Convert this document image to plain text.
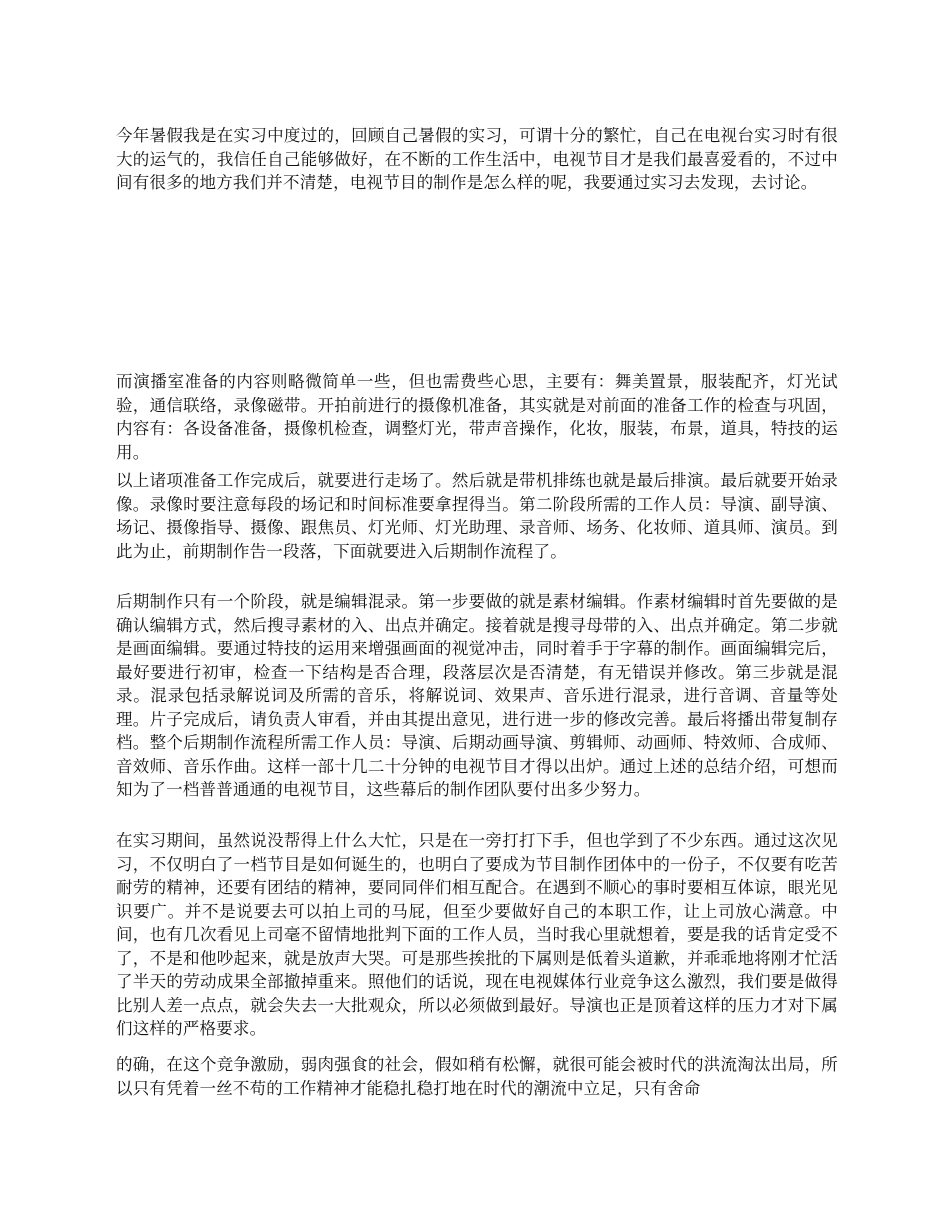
今年暑假我是在实习中度过的，回顾自己暑假的实习，可谓十分的繁忙，自己在电视台实习时有很大的运气的，我信任自己能够做好，在不断的工作生活中，电视节目才是我们最喜爱看的，不过中间有很多的地方我们并不清楚，电视节目的制作是怎么样的呢，我要通过实习去发现，去讨论。

而演播室准备的内容则略微简单一些，但也需费些心思，主要有：舞美置景，服装配齐，灯光试验，通信联络，录像磁带。开拍前进行的摄像机准备，其实就是对前面的准备工作的检查与巩固，内容有：各设备准备，摄像机检查，调整灯光，带声音操作，化妆，服装，布景，道具，特技的运用。

以上诸项准备工作完成后，就要进行走场了。然后就是带机排练也就是最后排演。最后就要开始录像。录像时要注意每段的场记和时间标准要拿捏得当。第二阶段所需的工作人员：导演、副导演、场记、摄像指导、摄像、跟焦员、灯光师、灯光助理、录音师、场务、化妆师、道具师、演员。到此为止，前期制作告一段落，下面就要进入后期制作流程了。

后期制作只有一个阶段，就是编辑混录。第一步要做的就是素材编辑。作素材编辑时首先要做的是确认编辑方式，然后搜寻素材的入、出点并确定。接着就是搜寻母带的入、出点并确定。第二步就是画面编辑。要通过特技的运用来增强画面的视觉冲击，同时着手于字幕的制作。画面编辑完后，最好要进行初审，检查一下结构是否合理，段落层次是否清楚，有无错误并修改。第三步就是混录。混录包括录解说词及所需的音乐，将解说词、效果声、音乐进行混录，进行音调、音量等处理。片子完成后，请负责人审看，并由其提出意见，进行进一步的修改完善。最后将播出带复制存档。整个后期制作流程所需工作人员：导演、后期动画导演、剪辑师、动画师、特效师、合成师、音效师、音乐作曲。这样一部十几二十分钟的电视节目才得以出炉。通过上述的总结介绍，可想而知为了一档普普通通的电视节目，这些幕后的制作团队要付出多少努力。

在实习期间，虽然说没帮得上什么大忙，只是在一旁打打下手，但也学到了不少东西。通过这次见习，不仅明白了一档节目是如何诞生的，也明白了要成为节目制作团体中的一份子，不仅要有吃苦耐劳的精神，还要有团结的精神，要同同伴们相互配合。在遇到不顺心的事时要相互体谅，眼光见识要广。并不是说要去可以拍上司的马屁，但至少要做好自己的本职工作，让上司放心满意。中间，也有几次看见上司毫不留情地批判下面的工作人员，当时我心里就想着，要是我的话肯定受不了，不是和他吵起来，就是放声大哭。可是那些挨批的下属则是低着头道歉，并乖乖地将刚才忙活了半天的劳动成果全部撤掉重来。照他们的话说，现在电视媒体行业竞争这么激烈，我们要是做得比别人差一点点，就会失去一大批观众，所以必须做到最好。导演也正是顶着这样的压力才对下属们这样的严格要求。

的确，在这个竞争激励，弱肉强食的社会，假如稍有松懈，就很可能会被时代的洪流淘汰出局，所以只有凭着一丝不苟的工作精神才能稳扎稳打地在时代的潮流中立足，只有舍命
